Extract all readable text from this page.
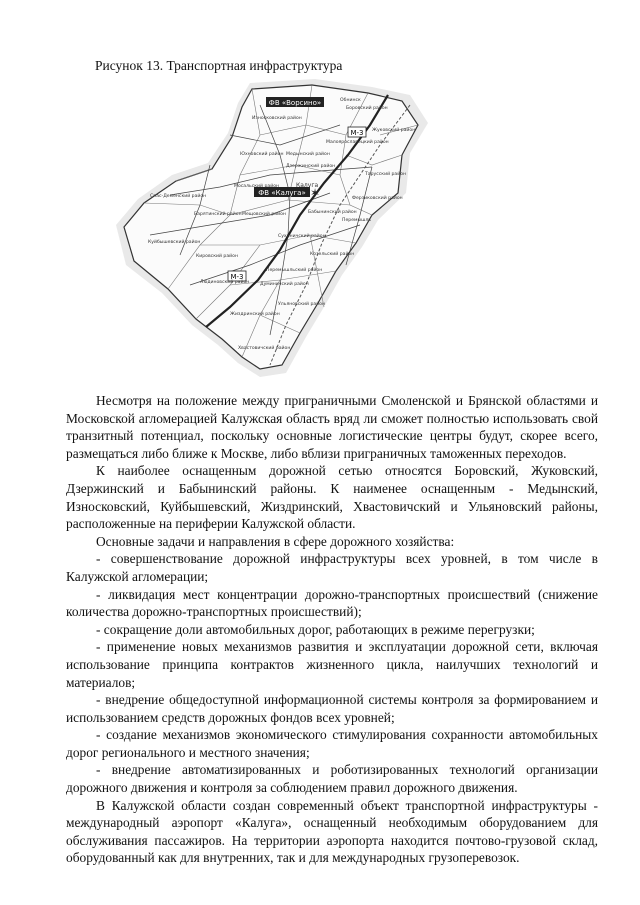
Рисунок 13. Транспортная инфраструктура
ФВ «Ворсино»
ФВ «Калуга» ✶
М-3
М-3
Обнинск
Жуковский район
Калуга
Боровский район
Малоярославецкий район
Медынский район
Дзержинский район
Износковский район
Юхновский район
Тарусский район
Ферзиковский район
Бабынинский район
Перемышль
Мосальский район
Спас-Деменский район
Барятинский район Мещовский район
Козельский район
Сухиничский район
Куйбышевский район
Кировский район
Людиновский район Думиничский район
Жиздринский район
Ульяновский район
Хвастовичский район
Перемышльский район

Несмотря на положение между приграничными Смоленской и Брянской областями и Московской агломерацией Калужская область вряд ли сможет полностью использовать свой транзитный потенциал, поскольку основные логистические центры будут, скорее всего, размещаться либо ближе к Москве, либо вблизи приграничных таможенных переходов.

К наиболее оснащенным дорожной сетью относятся Боровский, Жуковский, Дзержинский и Бабынинский районы. К наименее оснащенным - Медынский, Износковский, Куйбышевский, Жиздринский, Хвастовичский и Ульяновский районы, расположенные на периферии Калужской области.

Основные задачи и направления в сфере дорожного хозяйства:

- совершенствование дорожной инфраструктуры всех уровней, в том числе в Калужской агломерации;

- ликвидация мест концентрации дорожно-транспортных происшествий (снижение количества дорожно-транспортных происшествий);

- сокращение доли автомобильных дорог, работающих в режиме перегрузки;

- применение новых механизмов развития и эксплуатации дорожной сети, включая использование принципа контрактов жизненного цикла, наилучших технологий и материалов;

- внедрение общедоступной информационной системы контроля за формированием и использованием средств дорожных фондов всех уровней;

- создание механизмов экономического стимулирования сохранности автомобильных дорог регионального и местного значения;

- внедрение автоматизированных и роботизированных технологий организации дорожного движения и контроля за соблюдением правил дорожного движения.

В Калужской области создан современный объект транспортной инфраструктуры - международный аэропорт «Калуга», оснащенный необходимым оборудованием для обслуживания пассажиров. На территории аэропорта находится почтово-грузовой склад, оборудованный как для внутренних, так и для международных грузоперевозок.
